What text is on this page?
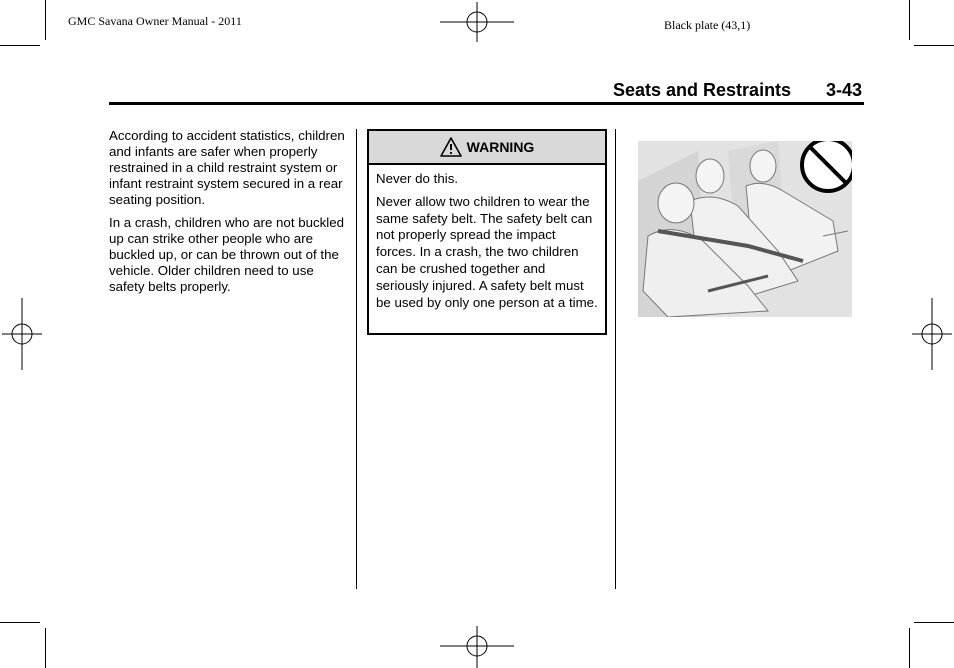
GMC Savana Owner Manual - 2011	Black plate (43,1)
Seats and Restraints 3-43

According to accident statistics, children and infants are safer when properly restrained in a child restraint system or infant restraint system secured in a rear seating position.

In a crash, children who are not buckled up can strike other people who are buckled up, or can be thrown out of the vehicle. Older children need to use safety belts properly.

WARNING

Never do this.

Never allow two children to wear the same safety belt. The safety belt can not properly spread the impact forces. In a crash, the two children can be crushed together and seriously injured. A safety belt must be used by only one person at a time.
